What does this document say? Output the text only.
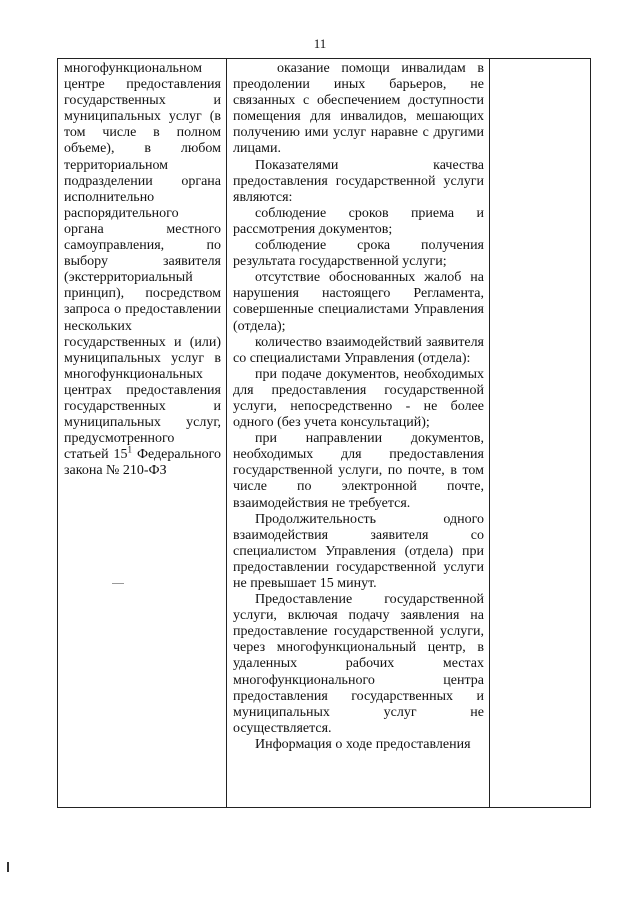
11

многофункциональном центре предоставления государственных и муниципальных услуг (в том числе в полном объеме), в любом территориальном подразделении органа исполнительно распорядительного органа местного самоуправления, по выбору заявителя (экстерриториальный принцип), посредством запроса о предоставлении нескольких государственных и (или) муниципальных услуг в многофункциональных центрах предоставления государственных и муниципальных услуг, предусмотренного статьей $15^1$ Федерального закона № 210-ФЗ

оказание помощи инвалидам в преодолении иных барьеров, не связанных с обеспечением доступности помещения для инвалидов, мешающих получению ими услуг наравне с другими лицами.

Показателями качества предоставления государственной услуги являются:

соблюдение сроков приема и рассмотрения документов;

соблюдение срока получения результата государственной услуги;

отсутствие обоснованных жалоб на нарушения настоящего Регламента, совершенные специалистами Управления (отдела);

количество взаимодействий заявителя со специалистами Управления (отдела):

при подаче документов, необходимых для предоставления государственной услуги, непосредственно - не более одного (без учета консультаций);

при направлении документов, необходимых для предоставления государственной услуги, по почте, в том числе по электронной почте, взаимодействия не требуется.

Продолжительность одного взаимодействия заявителя со специалистом Управления (отдела) при предоставлении государственной услуги не превышает 15 минут.

Предоставление государственной услуги, включая подачу заявления на предоставление государственной услуги, через многофункциональный центр, в удаленных рабочих местах многофункционального центра предоставления государственных и муниципальных услуг не осуществляется.

Информация о ходе предоставления
